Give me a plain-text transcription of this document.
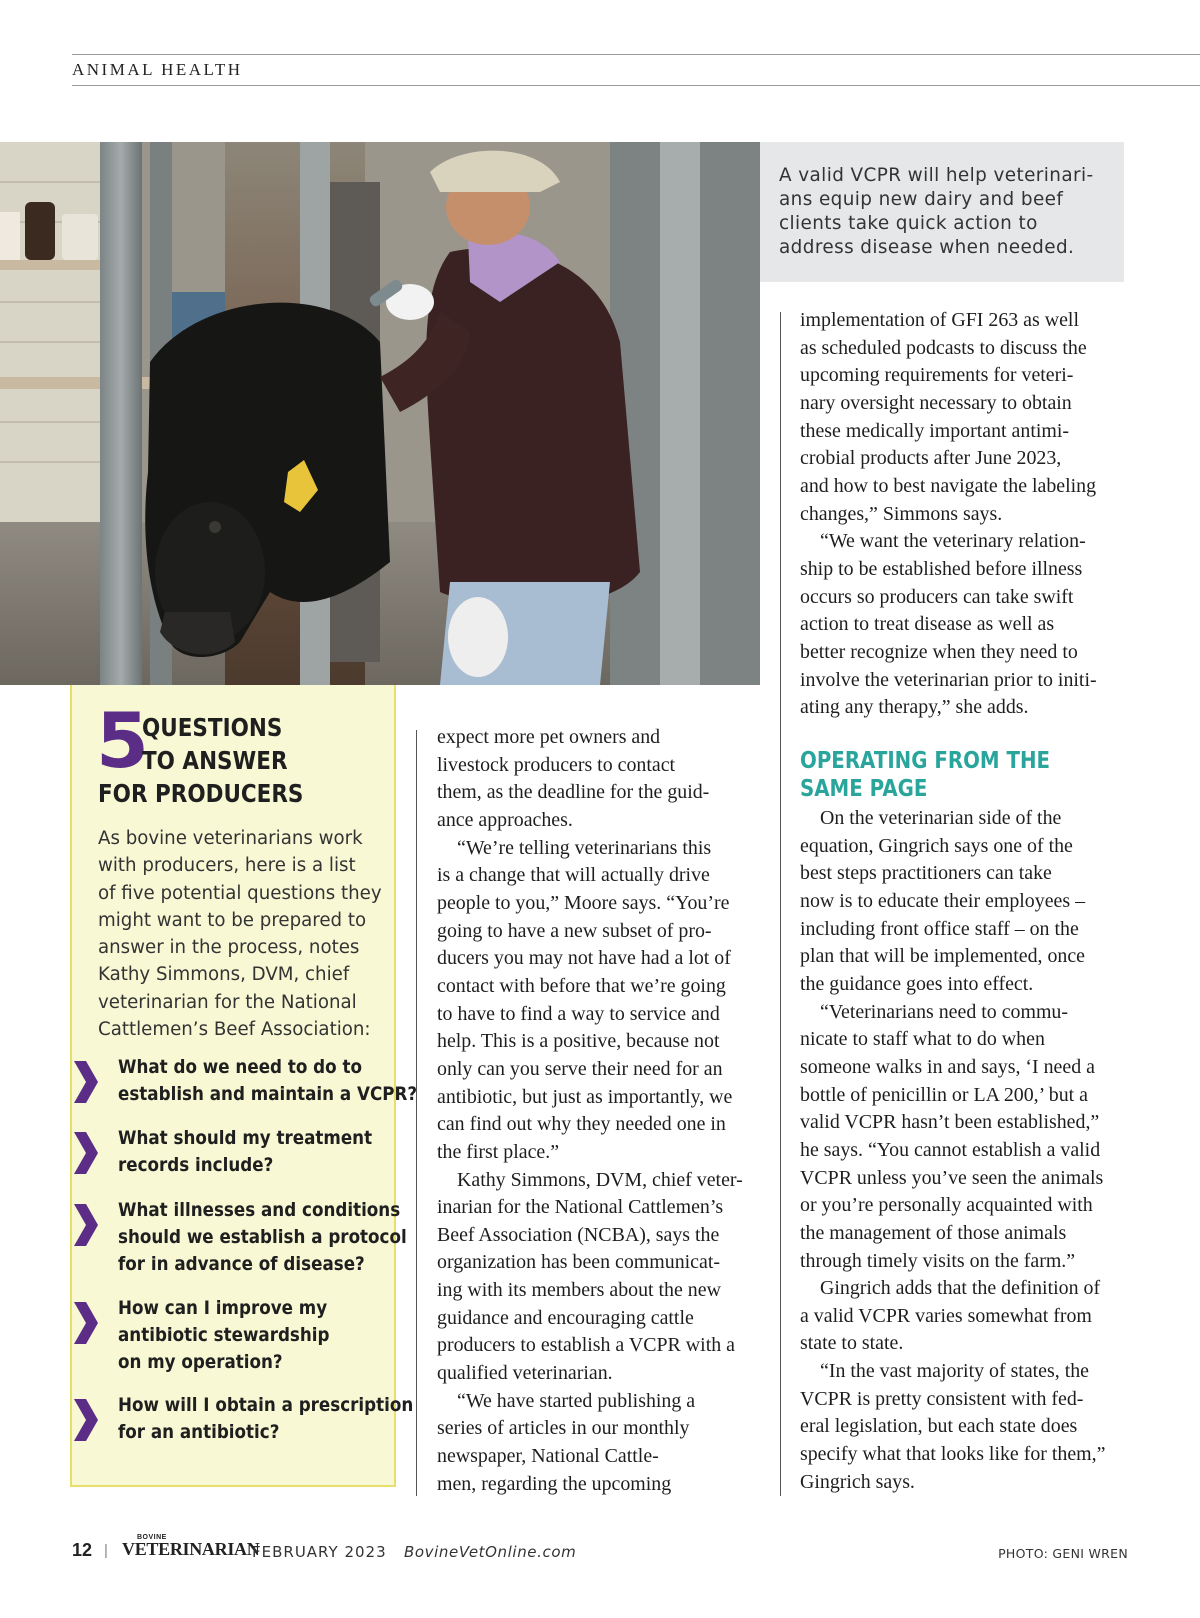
ANIMAL HEALTH
A valid VCPR will help veterinari-
ans equip new dairy and beef
clients take quick action to
address disease when needed.
5
QUESTIONS
TO ANSWER
FOR PRODUCERS
As bovine veterinarians work
with producers, here is a list
of five potential questions they
might want to be prepared to
answer in the process, notes
Kathy Simmons, DVM, chief
veterinarian for the National
Cattlemen’s Beef Association:
What do we need to do to
establish and maintain a VCPR?
What should my treatment
records include?
What illnesses and conditions
should we establish a protocol
for in advance of disease?
How can I improve my
antibiotic stewardship
on my operation?
How will I obtain a prescription
for an antibiotic?
expect more pet owners and
livestock producers to contact
them, as the deadline for the guid-
ance approaches.
“We’re telling veterinarians this
is a change that will actually drive
people to you,” Moore says. “You’re
going to have a new subset of pro-
ducers you may not have had a lot of
contact with before that we’re going
to have to find a way to service and
help. This is a positive, because not
only can you serve their need for an
antibiotic, but just as importantly, we
can find out why they needed one in
the first place.”
Kathy Simmons, DVM, chief veter-
inarian for the National Cattlemen’s
Beef Association (NCBA), says the
organization has been communicat-
ing with its members about the new
guidance and encouraging cattle
producers to establish a VCPR with a
qualified veterinarian.
“We have started publishing a
series of articles in our monthly
newspaper, National Cattle-
men, regarding the upcoming
implementation of GFI 263 as well
as scheduled podcasts to discuss the
upcoming requirements for veteri-
nary oversight necessary to obtain
these medically important antimi-
crobial products after June 2023,
and how to best navigate the labeling
changes,” Simmons says.
“We want the veterinary relation-
ship to be established before illness
occurs so producers can take swift
action to treat disease as well as
better recognize when they need to
involve the veterinarian prior to initi-
ating any therapy,” she adds.
OPERATING FROM THE
SAME PAGE
On the veterinarian side of the
equation, Gingrich says one of the
best steps practitioners can take
now is to educate their employees –
including front office staff – on the
plan that will be implemented, once
the guidance goes into effect.
“Veterinarians need to commu-
nicate to staff what to do when
someone walks in and says, ‘I need a
bottle of penicillin or LA 200,’ but a
valid VCPR hasn’t been established,”
he says. “You cannot establish a valid
VCPR unless you’ve seen the animals
or you’re personally acquainted with
the management of those animals
through timely visits on the farm.”
Gingrich adds that the definition of
a valid VCPR varies somewhat from
state to state.
“In the vast majority of states, the
VCPR is pretty consistent with fed-
eral legislation, but each state does
specify what that looks like for them,”
Gingrich says.
12 |
BOVINE
VETERINARIAN
FEBRUARY 2023 BovineVetOnline.com	PHOTO: GENI WREN
